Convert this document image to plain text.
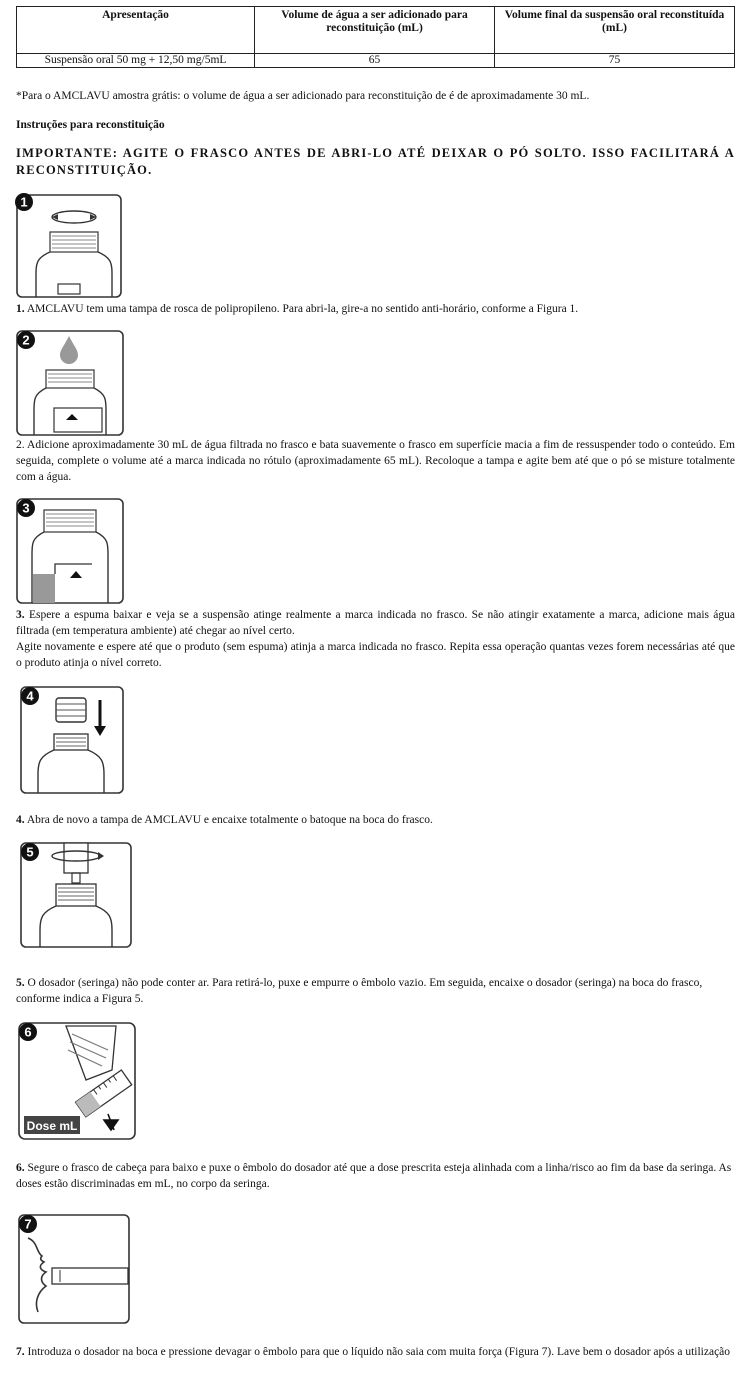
Apresentação	Volume de água a ser adicionado para reconstituição (mL)	Volume final da suspensão oral reconstituída (mL)
Suspensão oral 50 mg + 12,50 mg/5mL	65	75
*Para o AMCLAVU amostra grátis: o volume de água a ser adicionado para reconstituição de é de aproximadamente 30 mL.
Instruções para reconstituição
IMPORTANTE: AGITE O FRASCO ANTES DE ABRI-LO ATÉ DEIXAR O PÓ SOLTO. ISSO FACILITARÁ A RECONSTITUIÇÃO.
1
1. AMCLAVU tem uma tampa de rosca de polipropileno. Para abri-la, gire-a no sentido anti-horário, conforme a Figura 1.
2
2. Adicione aproximadamente 30 mL de água filtrada no frasco e bata suavemente o frasco em superfície macia a fim de ressuspender todo o conteúdo. Em seguida, complete o volume até a marca indicada no rótulo (aproximadamente 65 mL). Recoloque a tampa e agite bem até que o pó se misture totalmente com a água.
3
3. Espere a espuma baixar e veja se a suspensão atinge realmente a marca indicada no frasco. Se não atingir exatamente a marca, adicione mais água filtrada (em temperatura ambiente) até chegar ao nível certo.
Agite novamente e espere até que o produto (sem espuma) atinja a marca indicada no frasco. Repita essa operação quantas vezes forem necessárias até que o produto atinja o nível correto.
4
4. Abra de novo a tampa de AMCLAVU e encaixe totalmente o batoque na boca do frasco.
5
5. O dosador (seringa) não pode conter ar. Para retirá-lo, puxe e empurre o êmbolo vazio. Em seguida, encaixe o dosador (seringa) na boca do frasco, conforme indica a Figura 5.
6
Dose mL
6. Segure o frasco de cabeça para baixo e puxe o êmbolo do dosador até que a dose prescrita esteja alinhada com a linha/risco ao fim da base da seringa. As doses estão discriminadas em mL, no corpo da seringa.
7
7. Introduza o dosador na boca e pressione devagar o êmbolo para que o líquido não saia com muita força (Figura 7). Lave bem o dosador após a utilização
